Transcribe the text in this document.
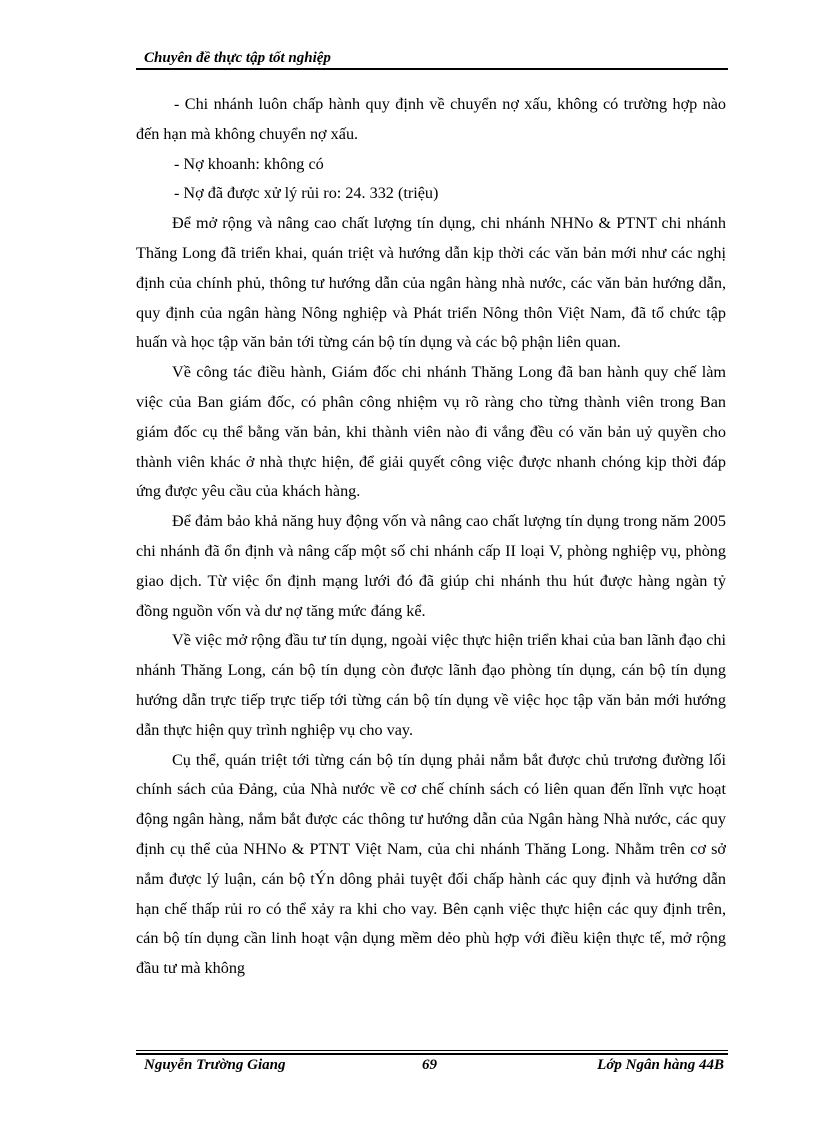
Chuyên đề thực tập tốt nghiệp

- Chi nhánh luôn chấp hành quy định về chuyển nợ xấu, không có trường hợp nào đến hạn mà không chuyển nợ xấu.

- Nợ khoanh: không có

- Nợ đã được xử lý rủi ro: 24. 332 (triệu)

Để mở rộng và nâng cao chất lượng tín dụng, chi nhánh NHNo & PTNT chi nhánh Thăng Long đã triển khai, quán triệt và hướng dẫn kịp thời các văn bản mới như các nghị định của chính phủ, thông tư hướng dẫn của ngân hàng nhà nước, các văn bản hướng dẫn, quy định của ngân hàng Nông nghiệp và Phát triển Nông thôn Việt Nam, đã tổ chức tập huấn và học tập văn bản tới từng cán bộ tín dụng và các bộ phận liên quan.

Về công tác điều hành, Giám đốc chi nhánh Thăng Long đã ban hành quy chế làm việc của Ban giám đốc, có phân công nhiệm vụ rõ ràng cho từng thành viên trong Ban giám đốc cụ thể bằng văn bản, khi thành viên nào đi vắng đều có văn bản uỷ quyền cho thành viên khác ở nhà thực hiện, để giải quyết công việc được nhanh chóng kịp thời đáp ứng được yêu cầu của khách hàng.

Để đảm bảo khả năng huy động vốn và nâng cao chất lượng tín dụng trong năm 2005 chi nhánh đã ổn định và nâng cấp một số chi nhánh cấp II loại V, phòng nghiệp vụ, phòng giao dịch. Từ việc ổn định mạng lưới đó đã giúp chi nhánh thu hút được hàng ngàn tỷ đồng nguồn vốn và dư nợ tăng mức đáng kể.

Về việc mở rộng đầu tư tín dụng, ngoài việc thực hiện triển khai của ban lãnh đạo chi nhánh Thăng Long, cán bộ tín dụng còn được lãnh đạo phòng tín dụng, cán bộ tín dụng hướng dẫn trực tiếp trực tiếp tới từng cán bộ tín dụng về việc học tập văn bản mới hướng dẫn thực hiện quy trình nghiệp vụ cho vay.

Cụ thể, quán triệt tới từng cán bộ tín dụng phải nắm bắt được chủ trương đường lối chính sách của Đảng, của Nhà nước về cơ chế chính sách có liên quan đến lĩnh vực hoạt động ngân hàng, nắm bắt được các thông tư hướng dẫn của Ngân hàng Nhà nước, các quy định cụ thể của NHNo & PTNT Việt Nam, của chi nhánh Thăng Long. Nhằm trên cơ sở nắm được lý luận, cán bộ tÝn dông phải tuyệt đối chấp hành các quy định và hướng dẫn hạn chế thấp rủi ro có thể xảy ra khi cho vay. Bên cạnh việc thực hiện các quy định trên, cán bộ tín dụng cần linh hoạt vận dụng mềm dẻo phù hợp với điều kiện thực tế, mở rộng đầu tư mà không

Nguyễn Trường Giang	69	Lớp Ngân hàng 44B
